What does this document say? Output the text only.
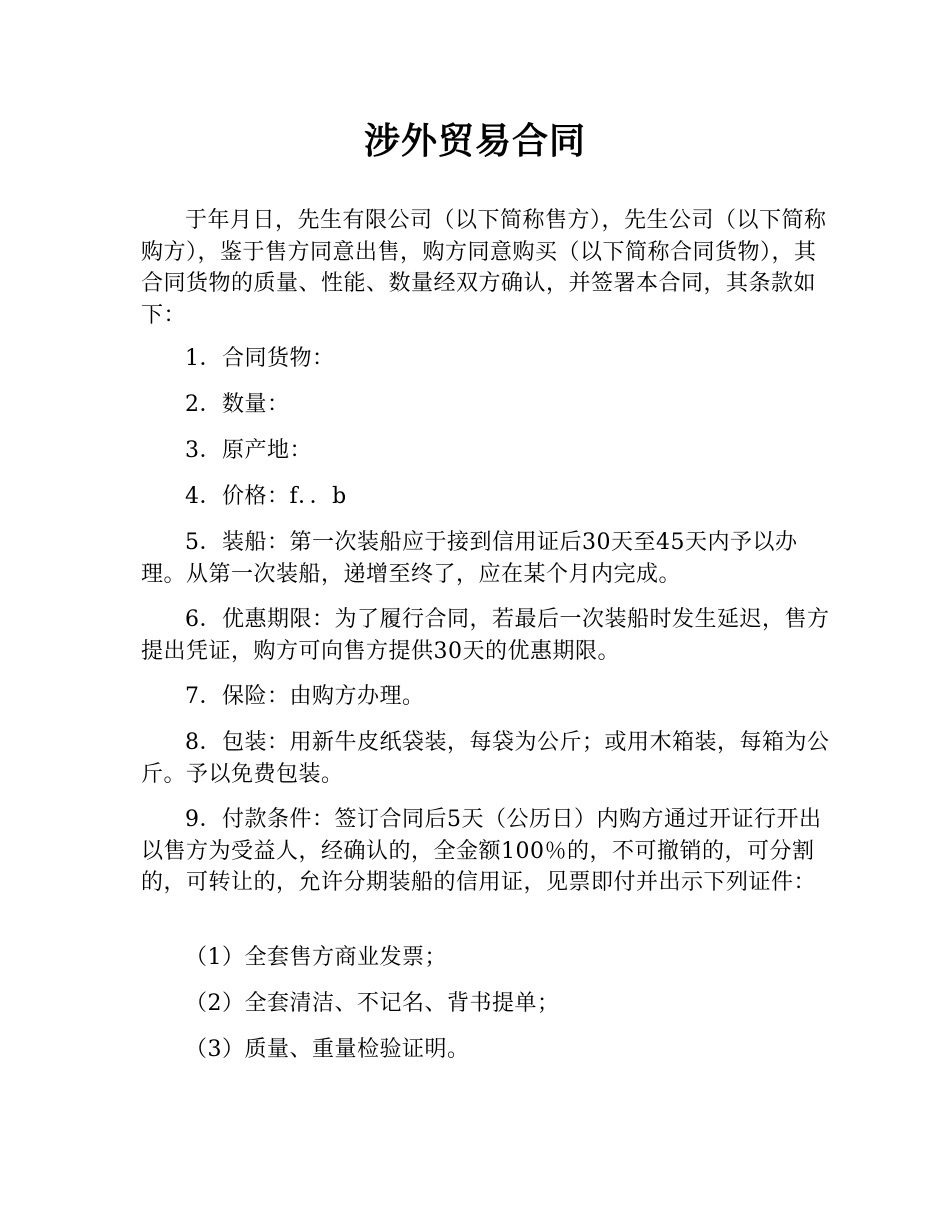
涉外贸易合同

于年月日，先生有限公司（以下简称售方），先生公司（以下简称购方），鉴于售方同意出售，购方同意购买（以下简称合同货物），其合同货物的质量、性能、数量经双方确认，并签署本合同，其条款如下：

1．合同货物：

2．数量：

3．原产地：

4．价格：f．．b

5．装船：第一次装船应于接到信用证后30天至45天内予以办理。从第一次装船，递增至终了，应在某个月内完成。

6．优惠期限：为了履行合同，若最后一次装船时发生延迟，售方提出凭证，购方可向售方提供30天的优惠期限。

7．保险：由购方办理。

8．包装：用新牛皮纸袋装，每袋为公斤；或用木箱装，每箱为公斤。予以免费包装。

9．付款条件：签订合同后5天（公历日）内购方通过开证行开出以售方为受益人，经确认的，全金额100％的，不可撤销的，可分割的，可转让的，允许分期装船的信用证，见票即付并出示下列证件：

（1）全套售方商业发票；

（2）全套清洁、不记名、背书提单；

（3）质量、重量检验证明。
